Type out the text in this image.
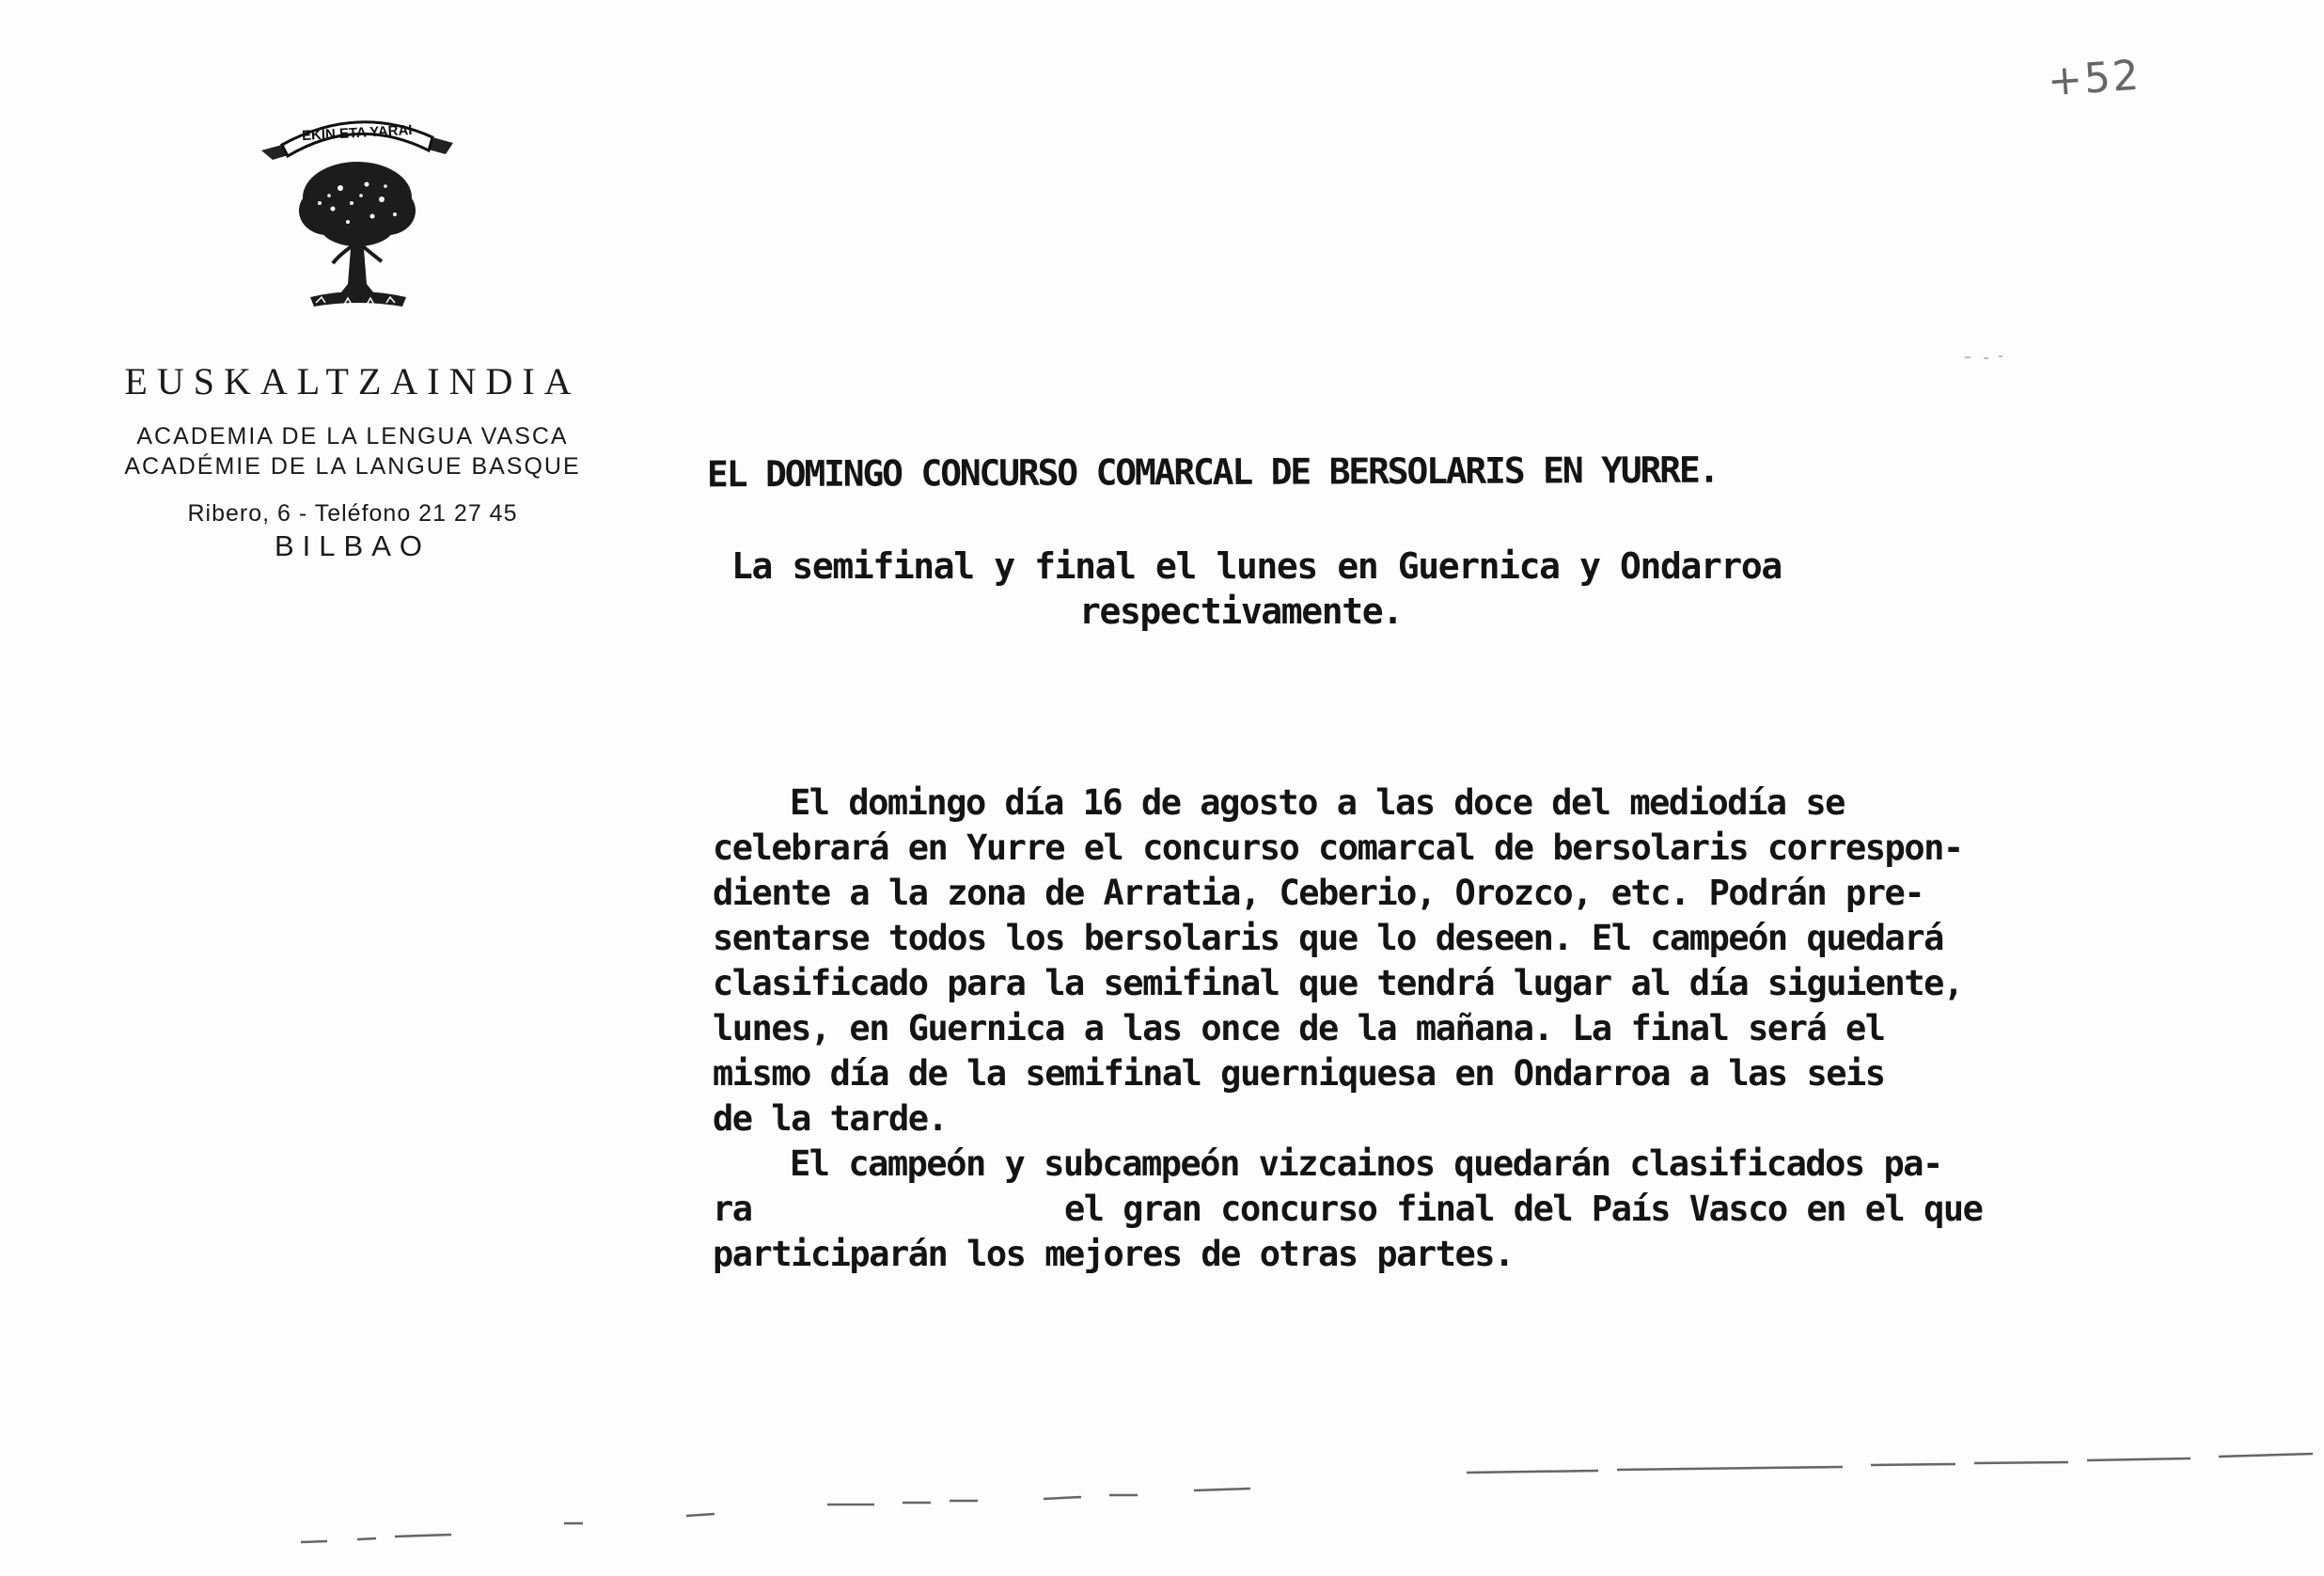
EKIN ETA YARAI

EUSKALTZAINDIA

ACADEMIA DE LA LENGUA VASCA

ACADÉMIE DE LA LANGUE BASQUE

Ribero, 6 - Teléfono 21 27 45

BILBAO

+52
EL DOMINGO CONCURSO COMARCAL DE BERSOLARIS EN YURRE.
La semifinal y final el lunes en Guernica y Ondarroa
respectivamente.
El domingo día 16 de agosto a las doce del mediodía se
celebrará en Yurre el concurso comarcal de bersolaris correspon-
diente a la zona de Arratia, Ceberio, Orozco, etc. Podrán pre-
sentarse todos los bersolaris que lo deseen. El campeón quedará
clasificado para la semifinal que tendrá lugar al día siguiente,
lunes, en Guernica a las once de la mañana. La final será el
mismo día de la semifinal guerniquesa en Ondarroa a las seis
de la tarde.
El campeón y subcampeón vizcainos quedarán clasificados pa-
ra                el gran concurso final del País Vasco en el que
participarán los mejores de otras partes.
